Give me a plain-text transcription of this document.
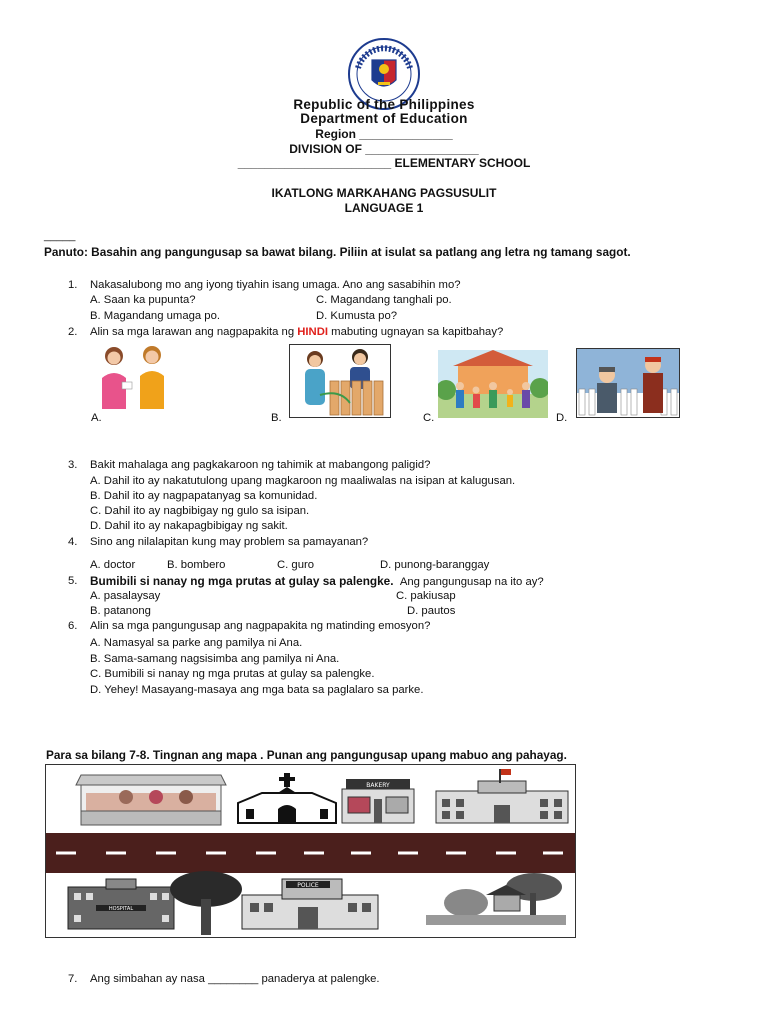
Republic of the Philippines
Department of Education
Region ______________
DIVISION OF _________________
_______________________ ELEMENTARY SCHOOL
IKATLONG MARKAHANG PAGSUSULIT
LANGUAGE 1
_____
Panuto: Basahin ang pangungusap sa bawat bilang. Piliin at isulat sa patlang ang letra ng tamang sagot.
1. Nakasalubong mo ang iyong tiyahin isang umaga. Ano ang sasabihin mo?
A. Saan ka pupunta?	C. Magandang tanghali po.
B. Magandang umaga po.	D. Kumusta po?
2. Alin sa mga larawan ang nagpapakita ng HINDI mabuting ugnayan sa kapitbahay?
A.	B.	C.	D.
3. Bakit mahalaga ang pagkakaroon ng tahimik at mabangong paligid?
A. Dahil ito ay nakatutulong upang magkaroon ng maaliwalas na isipan at kalugusan.
B. Dahil ito ay nagpapatanyag sa komunidad.
C. Dahil ito ay nagbibigay ng gulo sa isipan.
D. Dahil ito ay nakapagbibigay ng sakit.
4. Sino ang nilalapitan kung may problem sa pamayanan?
A. doctor	B. bombero	C. guro	D. punong-baranggay
5. Bumibili si nanay ng mga prutas at gulay sa palengke. Ang pangungusap na ito ay?
A. pasalaysay	C. pakiusap
B. patanong	D. pautos
6. Alin sa mga pangungusap ang nagpapakita ng matinding emosyon?
A. Namasyal sa parke ang pamilya ni Ana.
B. Sama-samang nagsisimba ang pamilya ni Ana.
C. Bumibili si nanay ng mga prutas at gulay sa palengke.
D. Yehey! Masayang-masaya ang mga bata sa paglalaro sa parke.
Para sa bilang 7-8. Tingnan ang mapa . Punan ang pangungusap upang mabuo ang pahayag.
BAKERY
HOSPITAL
POLICE
7. Ang simbahan ay nasa ________ panaderya at palengke.
